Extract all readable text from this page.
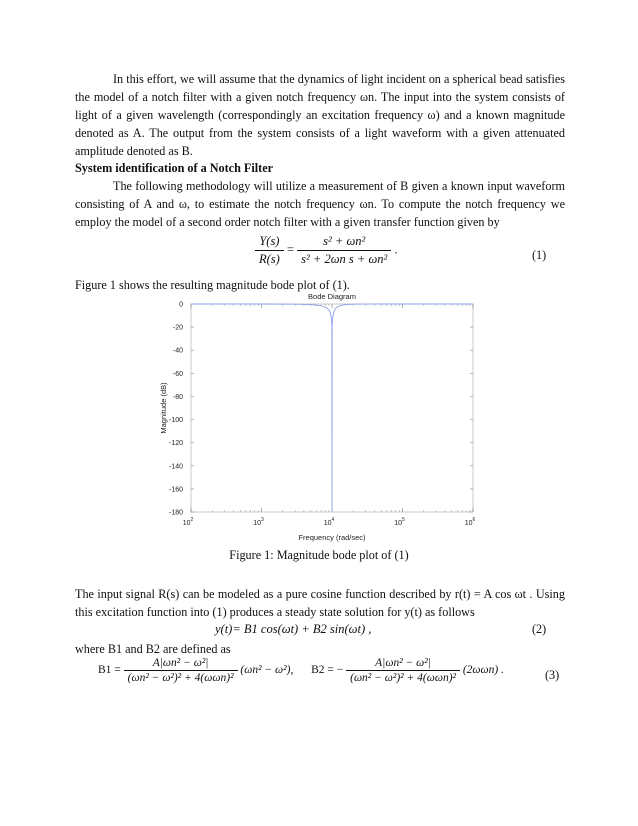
In this effort, we will assume that the dynamics of light incident on a spherical bead satisfies the model of a notch filter with a given notch frequency ωn. The input into the system consists of light of a given wavelength (correspondingly an excitation frequency ω) and a known magnitude denoted as A. The output from the system consists of a light waveform with a given attenuated amplitude denoted as B.
System identification of a Notch Filter
The following methodology will utilize a measurement of B given a known input waveform consisting of A and ω, to estimate the notch frequency ωn. To compute the notch frequency we employ the model of a second order notch filter with a given transfer function given by
$\frac{Y(s)}{R(s)} = \frac{\text{s² + ωn²}}{\text{s² + 2ωn s + ωn²}}$ .	(1)
Figure 1 shows the resulting magnitude bode plot of (1).
Bode Diagram
0
-20
-40
-60
-80
-100
-120
-140
-160
-180
$10^2$	$10^3$	$10^4$	$10^5$	$10^6$
Frequency (rad/sec)
Magnitude (dB)
Figure 1: Magnitude bode plot of (1)
The input signal R(s) can be modeled as a pure cosine function described by r(t) = A cos ωt . Using this excitation function into (1) produces a steady state solution for y(t) as follows
y(t)= B1 cos(ωt) + B2 sin(ωt) ,	(2)
where B1 and B2 are defined as
$B1 = \frac{\text{A|ωn² − ω²|}}{\text{(ωn² − ω²)² + 4(ωωn)²}} (\omega n^2 - \omega^2)$, B2 = − $\frac{\text{A|ωn² − ω²|}}{\text{(ωn² − ω²)² + 4(ωωn)²}} (2\omega\omega n)$ .	(3)
